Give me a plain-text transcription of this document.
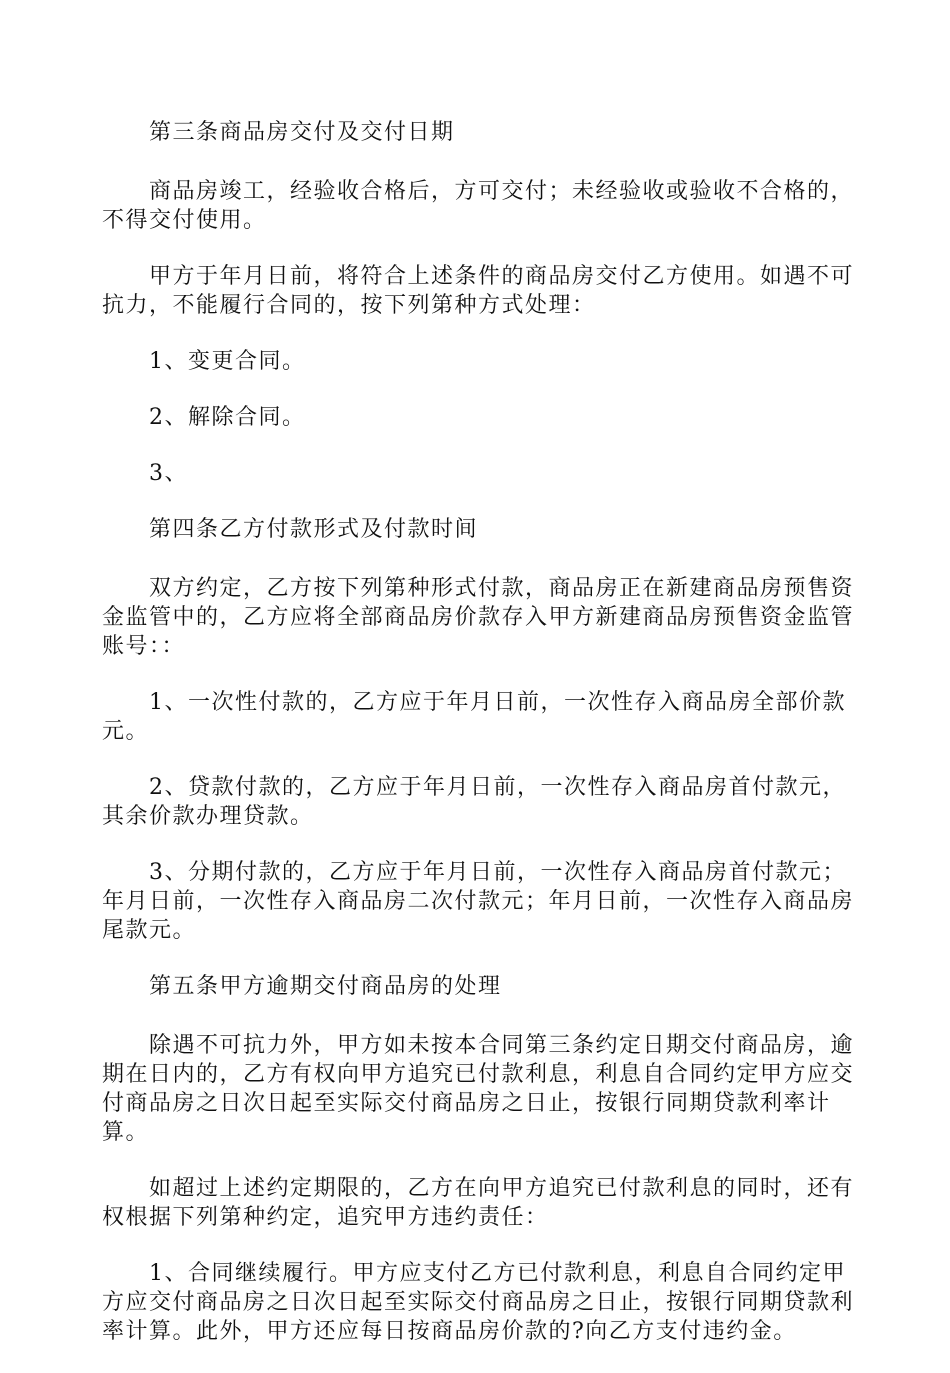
第三条商品房交付及交付日期

商品房竣工，经验收合格后，方可交付；未经验收或验收不合格的，不得交付使用。

甲方于年月日前，将符合上述条件的商品房交付乙方使用。如遇不可抗力，不能履行合同的，按下列第种方式处理：

1、变更合同。

2、解除合同。

3、

第四条乙方付款形式及付款时间

双方约定，乙方按下列第种形式付款，商品房正在新建商品房预售资金监管中的，乙方应将全部商品房价款存入甲方新建商品房预售资金监管账号：：

1、一次性付款的，乙方应于年月日前，一次性存入商品房全部价款元。

2、贷款付款的，乙方应于年月日前，一次性存入商品房首付款元，其余价款办理贷款。

3、分期付款的，乙方应于年月日前，一次性存入商品房首付款元；年月日前，一次性存入商品房二次付款元；年月日前，一次性存入商品房尾款元。

第五条甲方逾期交付商品房的处理

除遇不可抗力外，甲方如未按本合同第三条约定日期交付商品房，逾期在日内的，乙方有权向甲方追究已付款利息，利息自合同约定甲方应交付商品房之日次日起至实际交付商品房之日止，按银行同期贷款利率计算。

如超过上述约定期限的，乙方在向甲方追究已付款利息的同时，还有权根据下列第种约定，追究甲方违约责任：

1、合同继续履行。甲方应支付乙方已付款利息，利息自合同约定甲方应交付商品房之日次日起至实际交付商品房之日止，按银行同期贷款利率计算。此外，甲方还应每日按商品房价款的?向乙方支付违约金。
